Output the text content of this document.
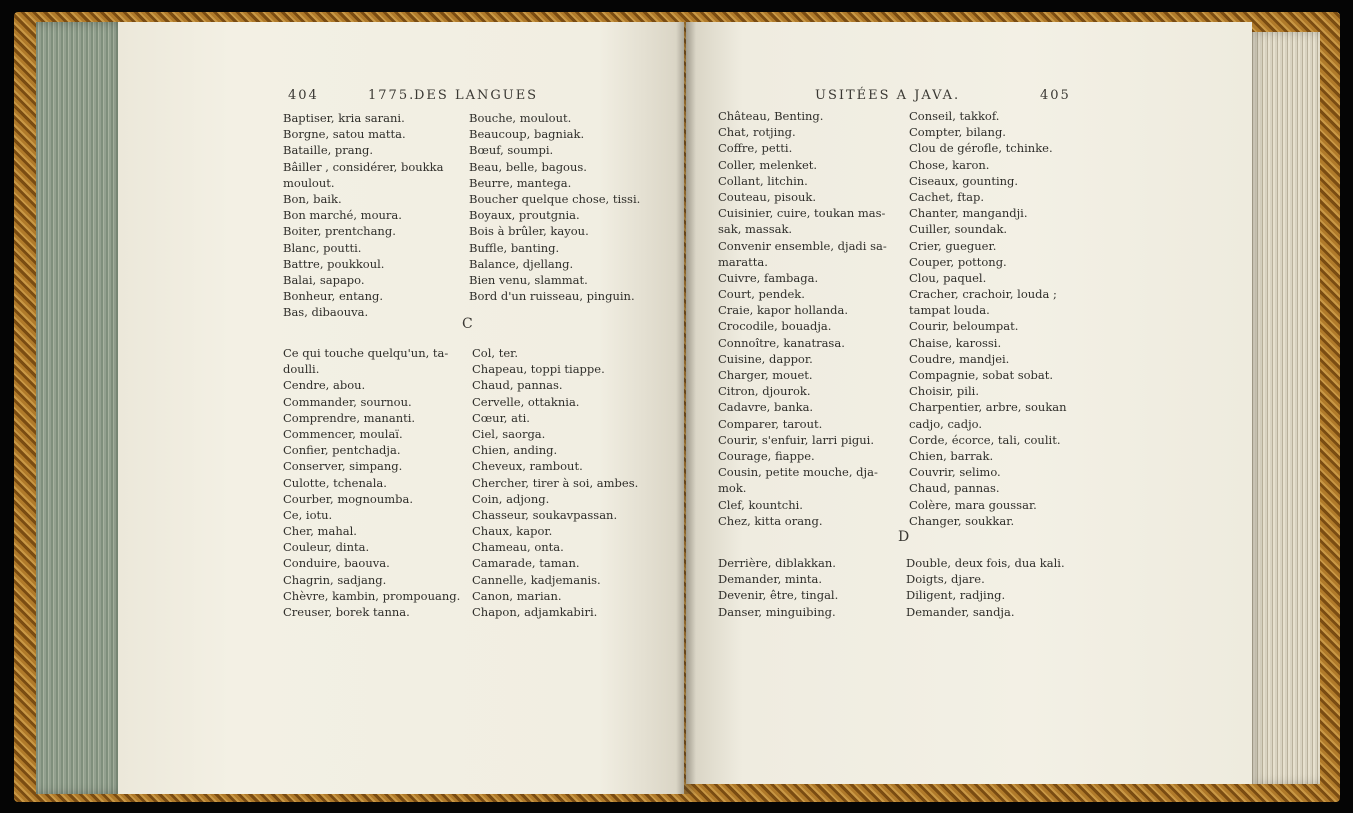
404	1775.
DES LANGUES
Baptiser, kria sarani.
Borgne, satou matta.
Bataille, prang.
Bâiller , considérer, boukka
moulout.
Bon, baik.
Bon marché, moura.
Boiter, prentchang.
Blanc, poutti.
Battre, poukkoul.
Balai, sapapo.
Bonheur, entang.
Bas, dibaouva.
Bouche, moulout.
Beaucoup, bagniak.
Bœuf, soumpi.
Beau, belle, bagous.
Beurre, mantega.
Boucher quelque chose, tissi.
Boyaux, proutgnia.
Bois à brûler, kayou.
Buffle, banting.
Balance, djellang.
Bien venu, slammat.
Bord d'un ruisseau, pinguin.
C
Ce qui touche quelqu'un, ta-
doulli.
Cendre, abou.
Commander, sournou.
Comprendre, mananti.
Commencer, moulaï.
Confier, pentchadja.
Conserver, simpang.
Culotte, tchenala.
Courber, mognoumba.
Ce, iotu.
Cher, mahal.
Couleur, dinta.
Conduire, baouva.
Chagrin, sadjang.
Chèvre, kambin, prompouang.
Creuser, borek tanna.
Col, ter.
Chapeau, toppi tiappe.
Chaud, pannas.
Cervelle, ottaknia.
Cœur, ati.
Ciel, saorga.
Chien, anding.
Cheveux, rambout.
Chercher, tirer à soi, ambes.
Coin, adjong.
Chasseur, soukavpassan.
Chaux, kapor.
Chameau, onta.
Camarade, taman.
Cannelle, kadjemanis.
Canon, marian.
Chapon, adjamkabiri.
USITÉES A JAVA.	405
Château, Benting.
Chat, rotjing.
Coffre, petti.
Coller, melenket.
Collant, litchin.
Couteau, pisouk.
Cuisinier, cuire, toukan mas-
sak, massak.
Convenir ensemble, djadi sa-
maratta.
Cuivre, fambaga.
Court, pendek.
Craie, kapor hollanda.
Crocodile, bouadja.
Connoître, kanatrasa.
Cuisine, dappor.
Charger, mouet.
Citron, djourok.
Cadavre, banka.
Comparer, tarout.
Courir, s'enfuir, larri pigui.
Courage, fiappe.
Cousin, petite mouche, dja-
mok.
Clef, kountchi.
Chez, kitta orang.
Conseil, takkof.
Compter, bilang.
Clou de gérofle, tchinke.
Chose, karon.
Ciseaux, gounting.
Cachet, ftap.
Chanter, mangandji.
Cuiller, soundak.
Crier, gueguer.
Couper, pottong.
Clou, paquel.
Cracher, crachoir, louda ;
tampat louda.
Courir, beloumpat.
Chaise, karossi.
Coudre, mandjei.
Compagnie, sobat sobat.
Choisir, pili.
Charpentier, arbre, soukan
cadjo, cadjo.
Corde, écorce, tali, coulit.
Chien, barrak.
Couvrir, selimo.
Chaud, pannas.
Colère, mara goussar.
Changer, soukkar.
D
Derrière, diblakkan.
Demander, minta.
Devenir, être, tingal.
Danser, minguibing.
Double, deux fois, dua kali.
Doigts, djare.
Diligent, radjing.
Demander, sandja.
